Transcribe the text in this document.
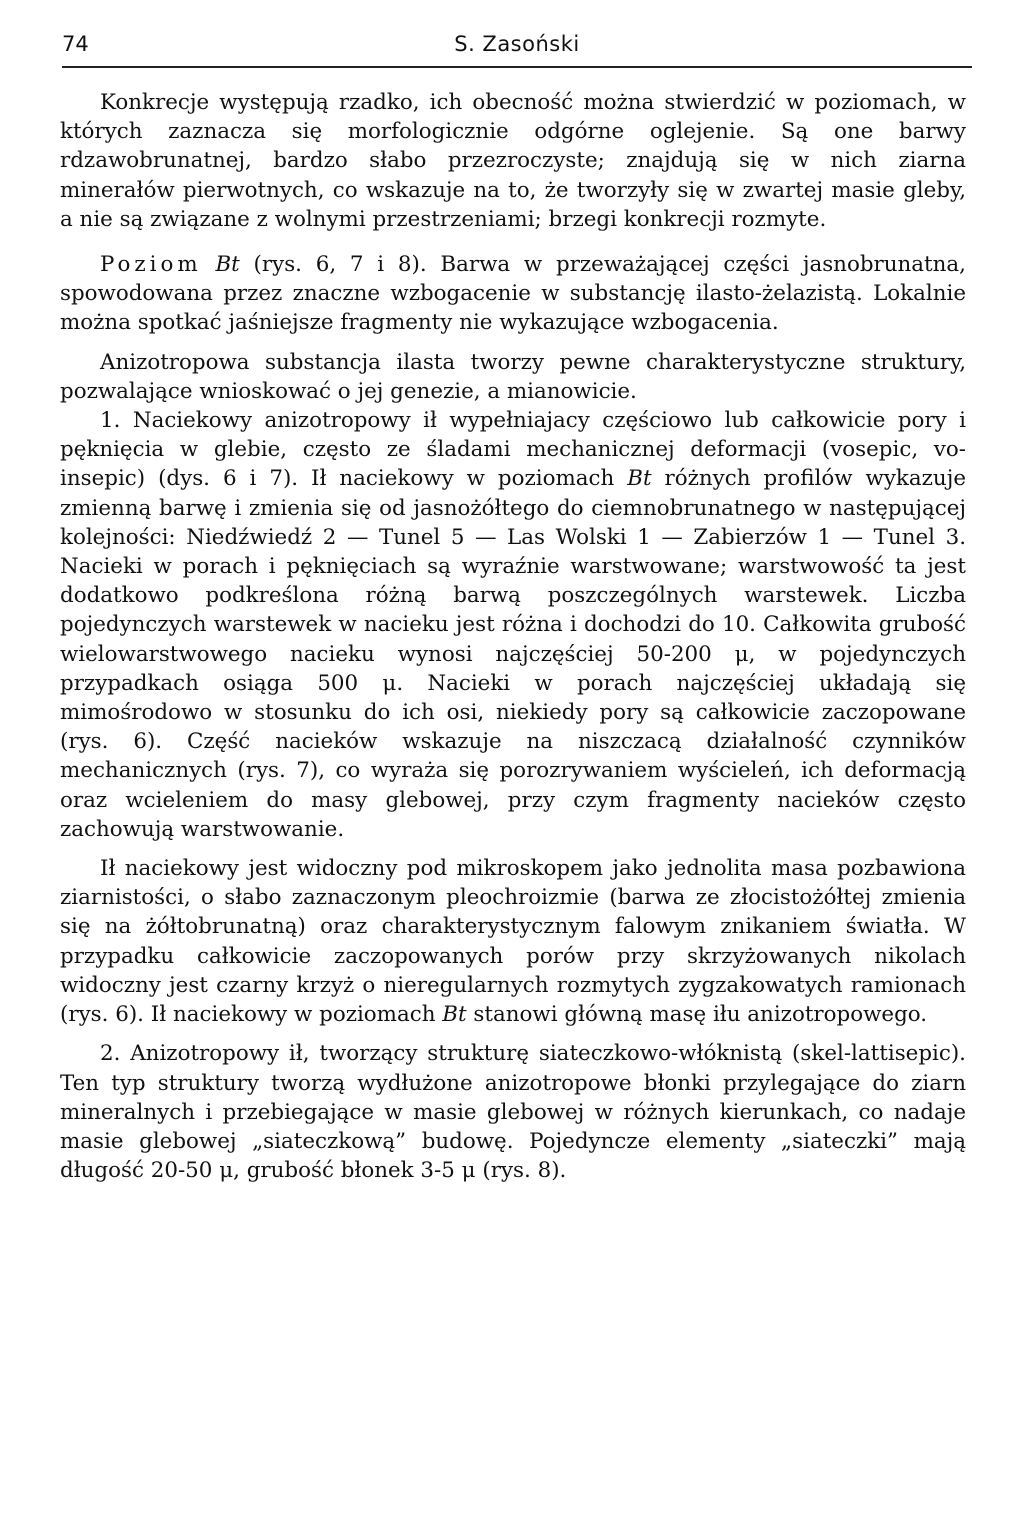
74	S. Zasoński

Konkrecje występują rzadko, ich obecność można stwierdzić w poziomach, w których zaznacza się morfologicznie odgórne oglejenie. Są one barwy rdzawobrunatnej, bardzo słabo przezroczyste; znajdują się w nich ziarna minerałów pierwotnych, co wskazuje na to, że tworzyły się w zwartej masie gleby, a nie są związane z wolnymi przestrzeniami; brzegi konkrecji rozmyte.

Poziom Bt (rys. 6, 7 i 8). Barwa w przeważającej części jasnobrunatna, spowodowana przez znaczne wzbogacenie w substancję ilasto-żelazistą. Lokalnie można spotkać jaśniejsze fragmenty nie wykazujące wzbogacenia.

Anizotropowa substancja ilasta tworzy pewne charakterystyczne struktury, pozwalające wnioskować o jej genezie, a mianowicie.

1. Naciekowy anizotropowy ił wypełniajacy częściowo lub całkowicie pory i pęknięcia w glebie, często ze śladami mechanicznej deformacji (vosepic, vo-insepic) (dys. 6 i 7). Ił naciekowy w poziomach Bt różnych profilów wykazuje zmienną barwę i zmienia się od jasnożółtego do ciemnobrunatnego w następującej kolejności: Niedźwiedź 2 — Tunel 5 — Las Wolski 1 — Zabierzów 1 — Tunel 3. Nacieki w porach i pęknięciach są wyraźnie warstwowane; warstwowość ta jest dodatkowo podkreślona różną barwą poszczególnych warstewek. Liczba pojedynczych warstewek w nacieku jest różna i dochodzi do 10. Całkowita grubość wielowarstwowego nacieku wynosi najczęściej 50-200 μ, w pojedynczych przypadkach osiąga 500 μ. Nacieki w porach najczęściej układają się mimośrodowo w stosunku do ich osi, niekiedy pory są całkowicie zaczopowane (rys. 6). Część nacieków wskazuje na niszczacą działalność czynników mechanicznych (rys. 7), co wyraża się porozrywaniem wyścieleń, ich deformacją oraz wcieleniem do masy glebowej, przy czym fragmenty nacieków często zachowują warstwowanie.

Ił naciekowy jest widoczny pod mikroskopem jako jednolita masa pozbawiona ziarnistości, o słabo zaznaczonym pleochroizmie (barwa ze złocistożółtej zmienia się na żółtobrunatną) oraz charakterystycznym falowym znikaniem światła. W przypadku całkowicie zaczopowanych porów przy skrzyżowanych nikolach widoczny jest czarny krzyż o nieregularnych rozmytych zygzakowatych ramionach (rys. 6). Ił naciekowy w poziomach Bt stanowi główną masę iłu anizotropowego.

2. Anizotropowy ił, tworzący strukturę siateczkowo-włóknistą (skel-lattisepic). Ten typ struktury tworzą wydłużone anizotropowe błonki przylegające do ziarn mineralnych i przebiegające w masie glebowej w różnych kierunkach, co nadaje masie glebowej „siateczkową” budowę. Pojedyncze elementy „siateczki” mają długość 20-50 μ, grubość błonek 3-5 μ (rys. 8).
